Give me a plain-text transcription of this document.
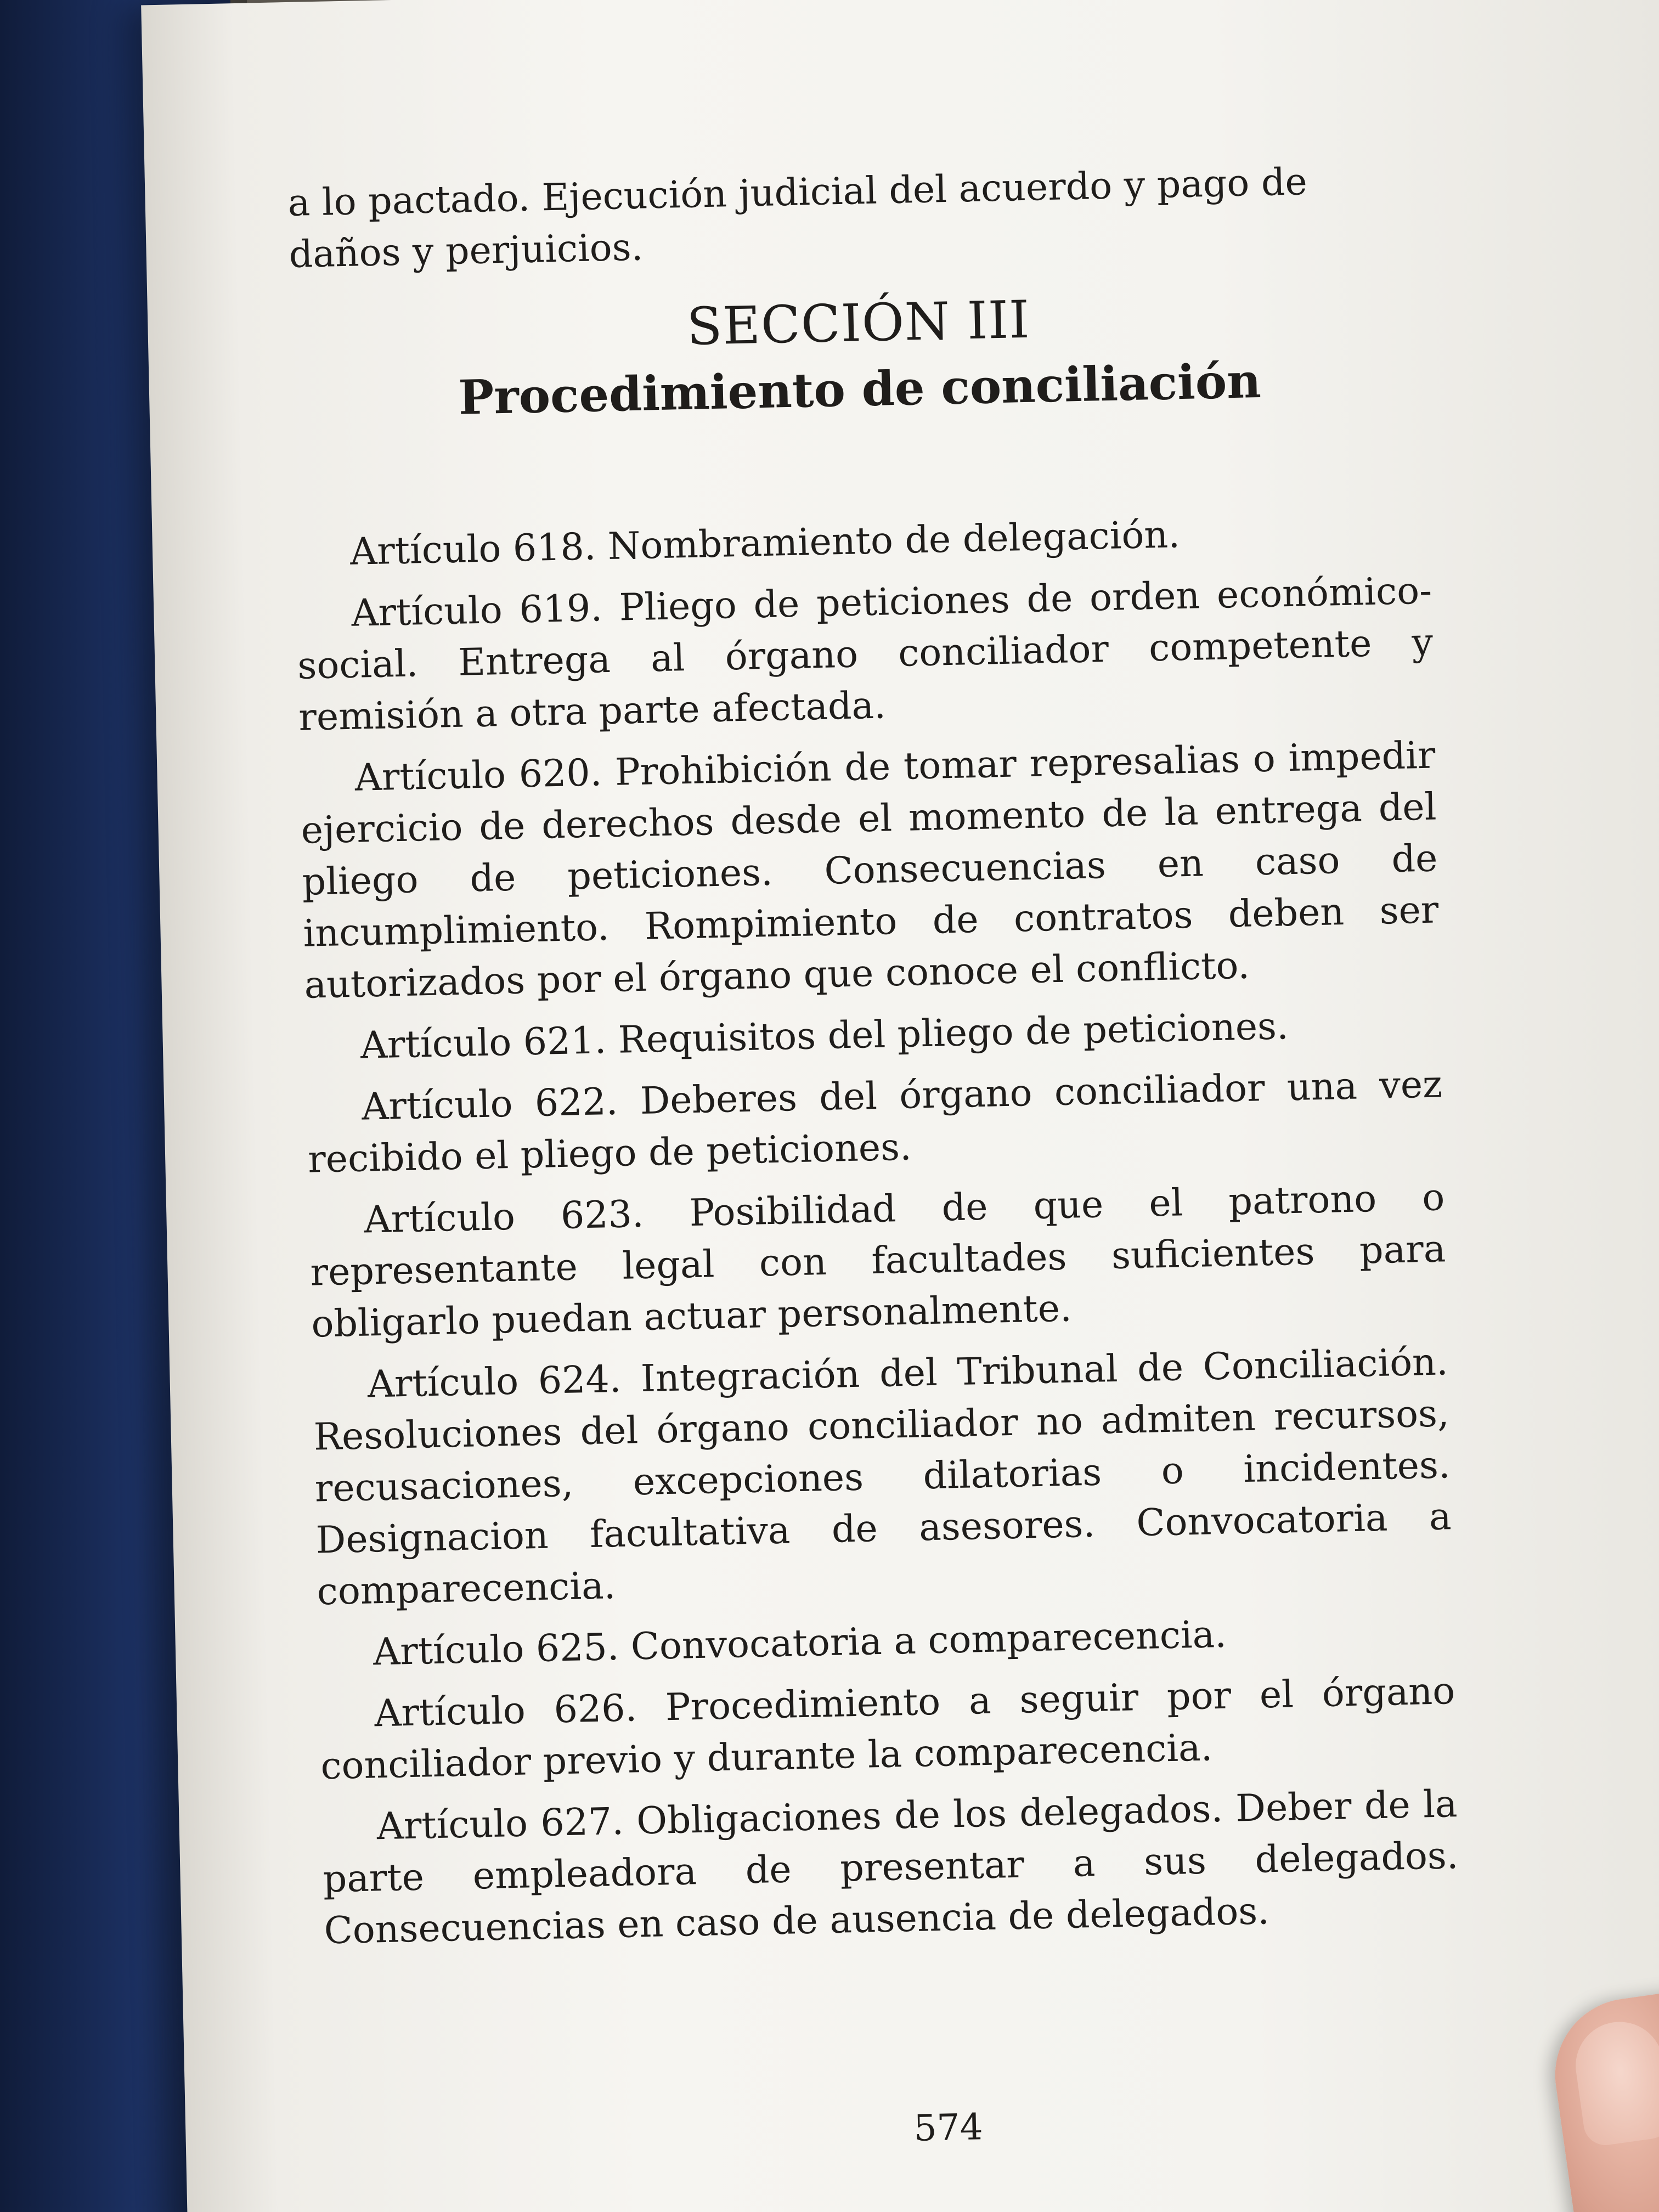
a lo pactado. Ejecución judicial del acuerdo y pago de daños y perjuicios.

SECCIÓN III
Procedimiento de conciliación

Artículo 618. Nombramiento de delegación.

Artículo 619. Pliego de peticiones de orden económico-social. Entrega al órgano conciliador competente y remisión a otra parte afectada.

Artículo 620. Prohibición de tomar represalias o impedir ejercicio de derechos desde el momento de la entrega del pliego de peticiones. Consecuencias en caso de incumplimiento. Rompimiento de contratos deben ser autorizados por el órgano que conoce el conflicto.

Artículo 621. Requisitos del pliego de peticiones.

Artículo 622. Deberes del órgano conciliador una vez recibido el pliego de peticiones.

Artículo 623. Posibilidad de que el patrono o representante legal con facultades suficientes para obligarlo puedan actuar personalmente.

Artículo 624. Integración del Tribunal de Conciliación. Resoluciones del órgano conciliador no admiten recursos, recusaciones, excepciones dilatorias o incidentes. Designacion facultativa de asesores. Convocatoria a comparecencia.

Artículo 625. Convocatoria a comparecencia.

Artículo 626. Procedimiento a seguir por el órgano conciliador previo y durante la comparecencia.

Artículo 627. Obligaciones de los delegados. Deber de la parte empleadora de presentar a sus delegados. Consecuencias en caso de ausencia de delegados.

574
